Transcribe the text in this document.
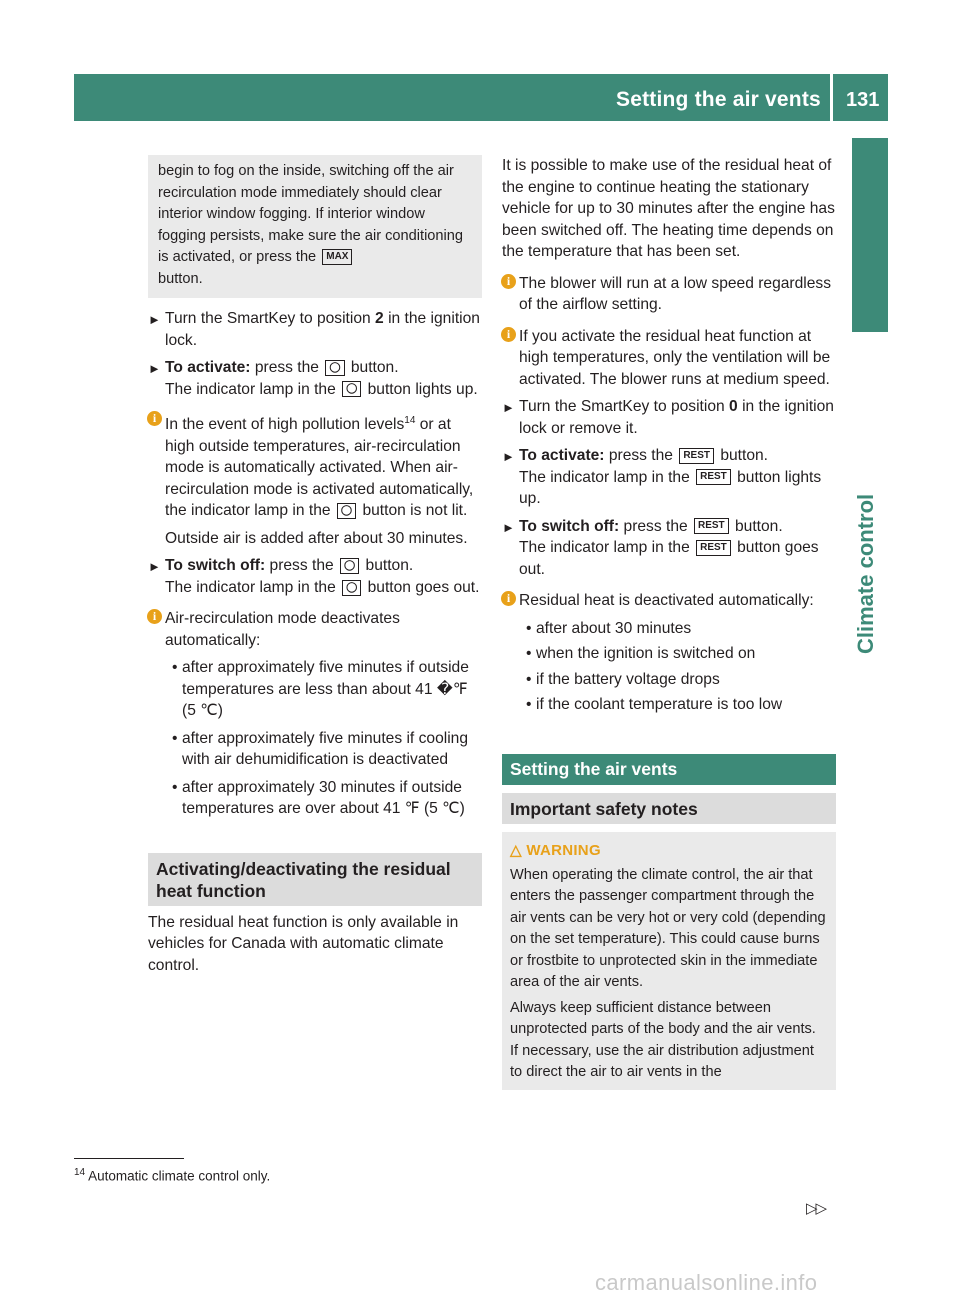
Setting the air vents 131
Climate control
begin to fog on the inside, switching off the air recirculation mode immediately should clear interior window fogging. If interior window fogging persists, make sure the air conditioning is activated, or press the MAX
button.

► Turn the SmartKey to position 2 in the ignition lock.

► To activate: press the ◯ button.
The indicator lamp in the ◯ button lights up.

i In the event of high pollution levels$^{14}$ or at high outside temperatures, air-recirculation mode is automatically activated. When air-recirculation mode is activated automatically, the indicator lamp in the ◯ button is not lit.

Outside air is added after about 30 minutes.

► To switch off: press the ◯ button.
The indicator lamp in the ◯ button goes out.

i Air-recirculation mode deactivates automatically:

• after approximately five minutes if outside temperatures are less than about 41 �℉ (5 ℃)

• after approximately five minutes if cooling with air dehumidification is deactivated

• after approximately 30 minutes if outside temperatures are over about 41 ℉ (5 ℃)

Activating/deactivating the residual heat function

The residual heat function is only available in vehicles for Canada with automatic climate control.

It is possible to make use of the residual heat of the engine to continue heating the stationary vehicle for up to 30 minutes after the engine has been switched off. The heating time depends on the temperature that has been set.

i The blower will run at a low speed regardless of the airflow setting.

i If you activate the residual heat function at high temperatures, only the ventilation will be activated. The blower runs at medium speed.

► Turn the SmartKey to position 0 in the ignition lock or remove it.

► To activate: press the REST button.
The indicator lamp in the REST button lights up.

► To switch off: press the REST button.
The indicator lamp in the REST button goes out.

i Residual heat is deactivated automatically:

• after about 30 minutes

• when the ignition is switched on

• if the battery voltage drops

• if the coolant temperature is too low

Setting the air vents
Important safety notes
△ WARNING

When operating the climate control, the air that enters the passenger compartment through the air vents can be very hot or very cold (depending on the set temperature). This could cause burns or frostbite to unprotected skin in the immediate area of the air vents.

Always keep sufficient distance between unprotected parts of the body and the air vents. If necessary, use the air distribution adjustment to direct the air to air vents in the

$^{14}$ Automatic climate control only.
▷▷
carmanualsonline.info
